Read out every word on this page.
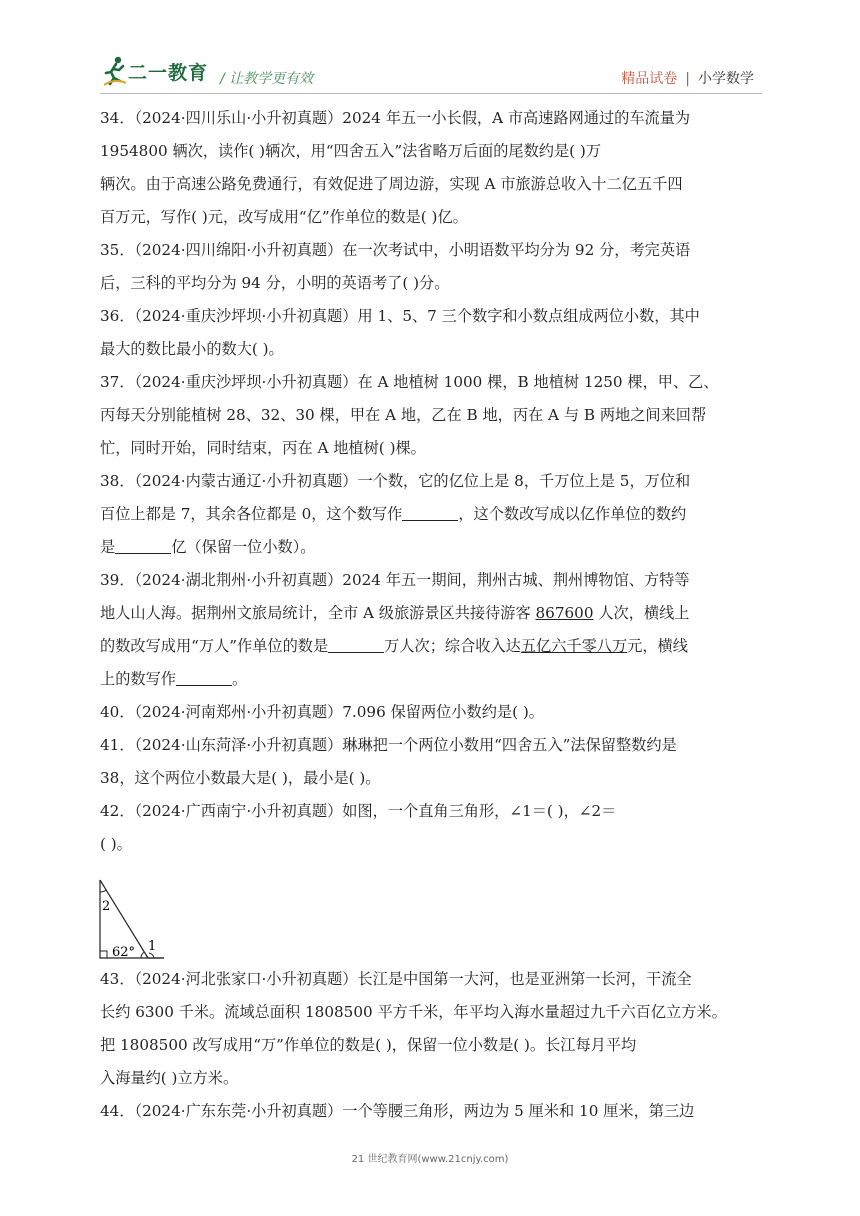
二一教育 / 让教学更有效	精品试卷 | 小学数学
34．（2024·四川乐山·小升初真题）2024 年五一小长假，A 市高速路网通过的车流量为
1954800 辆次，读作( )辆次，用“四舍五入”法省略万后面的尾数约是( )万
辆次。由于高速公路免费通行，有效促进了周边游，实现 A 市旅游总收入十二亿五千四
百万元，写作( )元，改写成用“亿”作单位的数是( )亿。
35．（2024·四川绵阳·小升初真题）在一次考试中，小明语数平均分为 92 分，考完英语
后，三科的平均分为 94 分，小明的英语考了( )分。
36．（2024·重庆沙坪坝·小升初真题）用 1、5、7 三个数字和小数点组成两位小数，其中
最大的数比最小的数大( )。
37．（2024·重庆沙坪坝·小升初真题）在 A 地植树 1000 棵，B 地植树 1250 棵，甲、乙、
丙每天分别能植树 28、32、30 棵，甲在 A 地，乙在 B 地，丙在 A 与 B 两地之间来回帮
忙，同时开始，同时结束，丙在 A 地植树( )棵。
38．（2024·内蒙古通辽·小升初真题）一个数，它的亿位上是 8，千万位上是 5，万位和
百位上都是 7，其余各位都是 0，这个数写作	，这个数改写成以亿作单位的数约
是	亿（保留一位小数）。
39．（2024·湖北荆州·小升初真题）2024 年五一期间，荆州古城、荆州博物馆、方特等
地人山人海。据荆州文旅局统计，全市 A 级旅游景区共接待游客 867600 人次，横线上
的数改写成用“万人”作单位的数是	万人次；综合收入达五亿六千零八万元，横线
上的数写作	。
40．（2024·河南郑州·小升初真题）7.096 保留两位小数约是( )。
41．（2024·山东菏泽·小升初真题）琳琳把一个两位小数用“四舍五入”法保留整数约是
38，这个两位小数最大是( )，最小是( )。
42．（2024·广西南宁·小升初真题）如图，一个直角三角形，∠1＝( )，∠2＝
( )。
43．（2024·河北张家口·小升初真题）长江是中国第一大河，也是亚洲第一长河，干流全
长约 6300 千米。流域总面积 1808500 平方千米，年平均入海水量超过九千六百亿立方米。
把 1808500 改写成用“万”作单位的数是( )，保留一位小数是( )。长江每月平均
入海量约( )立方米。
44．（2024·广东东莞·小升初真题）一个等腰三角形，两边为 5 厘米和 10 厘米，第三边
62° 1
2
21 世纪教育网(www.21cnjy.com)
